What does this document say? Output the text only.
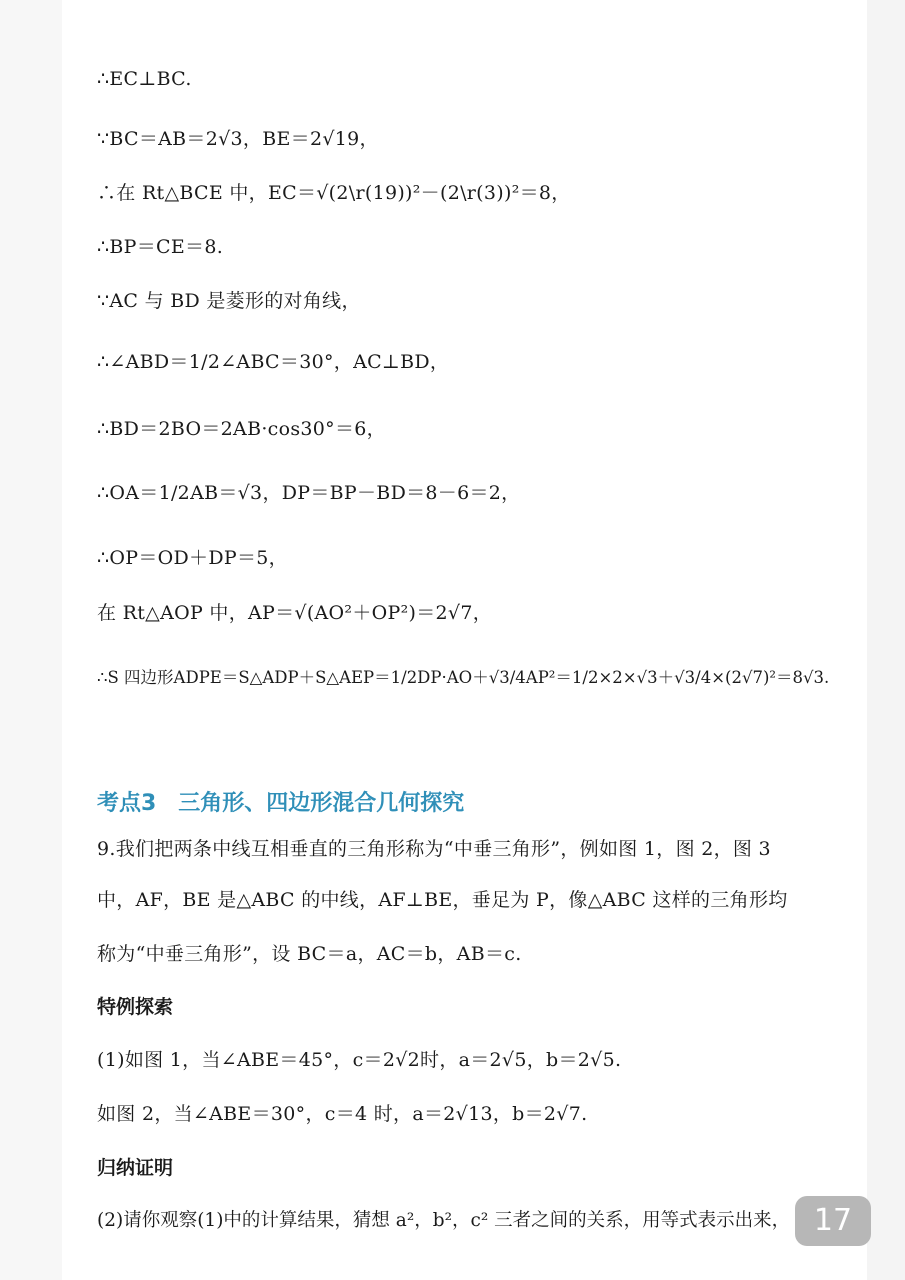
∴EC⊥BC.
∵BC＝AB＝2√3，BE＝2√19，
∴在 Rt△BCE 中，EC＝√(2\r(19))²－(2\r(3))²＝8，
∴BP＝CE＝8.
∵AC 与 BD 是菱形的对角线，
∴∠ABD＝1/2∠ABC＝30°，AC⊥BD，
∴BD＝2BO＝2AB·cos30°＝6，
∴OA＝1/2AB＝√3，DP＝BP－BD＝8－6＝2，
∴OP＝OD＋DP＝5，
在 Rt△AOP 中，AP＝√(AO²＋OP²)＝2√7，
∴S 四边形ADPE＝S△ADP＋S△AEP＝1/2DP·AO＋√3/4AP²＝1/2×2×√3＋√3/4×(2√7)²＝8√3.
考点3　三角形、四边形混合几何探究
9.我们把两条中线互相垂直的三角形称为“中垂三角形”，例如图 1，图 2，图 3
中，AF，BE 是△ABC 的中线，AF⊥BE，垂足为 P，像△ABC 这样的三角形均
称为“中垂三角形”，设 BC＝a，AC＝b，AB＝c.
特例探索
(1)如图 1，当∠ABE＝45°，c＝2√2时，a＝2√5，b＝2√5.
如图 2，当∠ABE＝30°，c＝4 时，a＝2√13，b＝2√7.
归纳证明
(2)请你观察(1)中的计算结果，猜想 a²，b²，c² 三者之间的关系，用等式表示出来， 17
